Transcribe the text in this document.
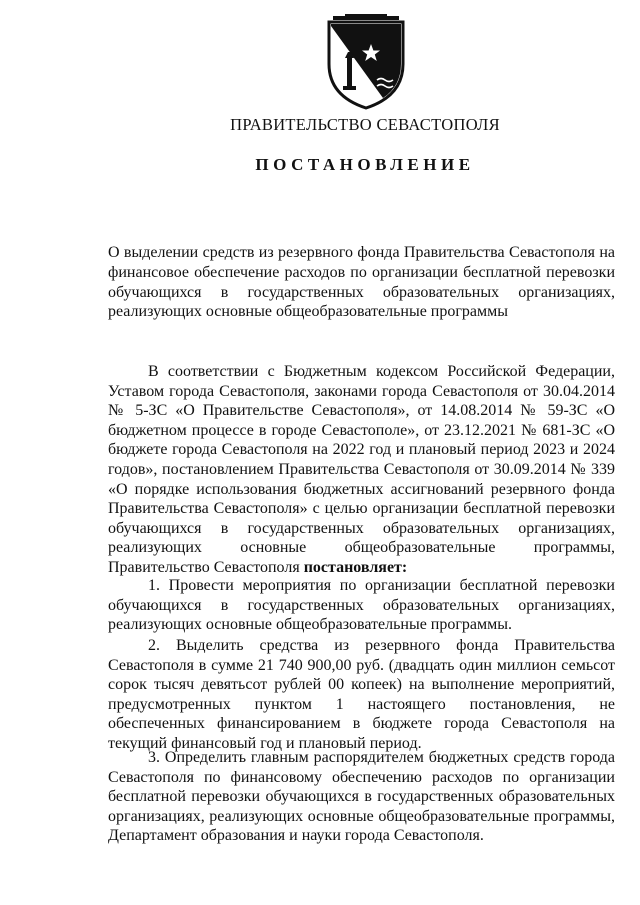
ПРАВИТЕЛЬСТВО СЕВАСТОПОЛЯ
ПОСТАНОВЛЕНИЕ
О выделении средств из резервного фонда Правительства Севастополя на финансовое обеспечение расходов по организации бесплатной перевозки обучающихся в государственных образовательных организациях, реализующих основные общеобразовательные программы

В соответствии с Бюджетным кодексом Российской Федерации, Уставом города Севастополя, законами города Севастополя от 30.04.2014 № 5-ЗС «О Правительстве Севастополя», от 14.08.2014 № 59-ЗС «О бюджетном процессе в городе Севастополе», от 23.12.2021 № 681-ЗС «О бюджете города Севастополя на 2022 год и плановый период 2023 и 2024 годов», постановлением Правительства Севастополя от 30.09.2014 № 339 «О порядке использования бюджетных ассигнований резервного фонда Правительства Севастополя» с целью организации бесплатной перевозки обучающихся в государственных образовательных организациях, реализующих основные общеобразовательные программы, Правительство Севастополя постановляет:

1. Провести мероприятия по организации бесплатной перевозки обучающихся в государственных образовательных организациях, реализующих основные общеобразовательные программы.

2. Выделить средства из резервного фонда Правительства Севастополя в сумме 21 740 900,00 руб. (двадцать один миллион семьсот сорок тысяч девятьсот рублей 00 копеек) на выполнение мероприятий, предусмотренных пунктом 1 настоящего постановления, не обеспеченных финансированием в бюджете города Севастополя на текущий финансовый год и плановый период.

3. Определить главным распорядителем бюджетных средств города Севастополя по финансовому обеспечению расходов по организации бесплатной перевозки обучающихся в государственных образовательных организациях, реализующих основные общеобразовательные программы, Департамент образования и науки города Севастополя.
